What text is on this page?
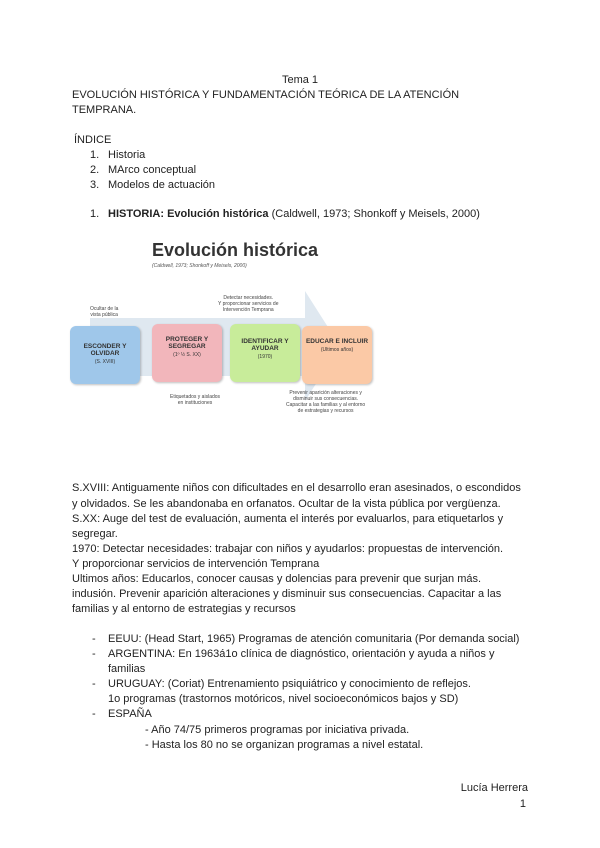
Tema 1
EVOLUCIÓN HISTÓRICA Y FUNDAMENTACIÓN TEÓRICA DE LA ATENCIÓN
TEMPRANA.
ÍNDICE
1. Historia
2. MArco conceptual
3. Modelos de actuación
1. HISTORIA: Evolución histórica (Caldwell, 1973; Shonkoff y Meisels, 2000)
Evolución histórica
(Caldwell, 1973; Shonkoff y Meisels, 2000)
Ocultar de la
vista pública
Detectar necesidades.
Y proporcionar servicios de
Intervención Temprana
ESCONDER Y OLVIDAR
(S. XVIII)
PROTEGER Y SEGREGAR
(1º ½ S. XX)
IDENTIFICAR Y AYUDAR
(1970)
EDUCAR E INCLUIR
(Ultimos años)
Etiquetados y aislados
en instituciones
Prevenir aparición alteraciones y
disminuir sus consecuencias.
Capacitar a las familias y al entorno
de estrategias y recursos
S.XVIII: Antiguamente niños con dificultades en el desarrollo eran asesinados, o escondidos
y olvidados. Se les abandonaba en orfanatos. Ocultar de la vista pública por vergüenza.
S.XX: Auge del test de evaluación, aumenta el interés por evaluarlos, para etiquetarlos y
segregar.
1970: Detectar necesidades: trabajar con niños y ayudarlos: propuestas de intervención.
Y proporcionar servicios de intervención Temprana
Ultimos años: Educarlos, conocer causas y dolencias para prevenir que surjan más.
indusión. Prevenir aparición alteraciones y disminuir sus consecuencias. Capacitar a las
familias y al entorno de estrategias y recursos
- EEUU: (Head Start, 1965) Programas de atención comunitaria (Por demanda social)
- ARGENTINA: En 1963á1o clínica de diagnóstico, orientación y ayuda a niños y
familias
- URUGUAY: (Coriat) Entrenamiento psiquiátrico y conocimiento de reflejos.
1o programas (trastornos motóricos, nivel socioeconómicos bajos y SD)
- ESPAÑA
- Año 74/75 primeros programas por iniciativa privada.
- Hasta los 80 no se organizan programas a nivel estatal.
Lucía Herrera
1
